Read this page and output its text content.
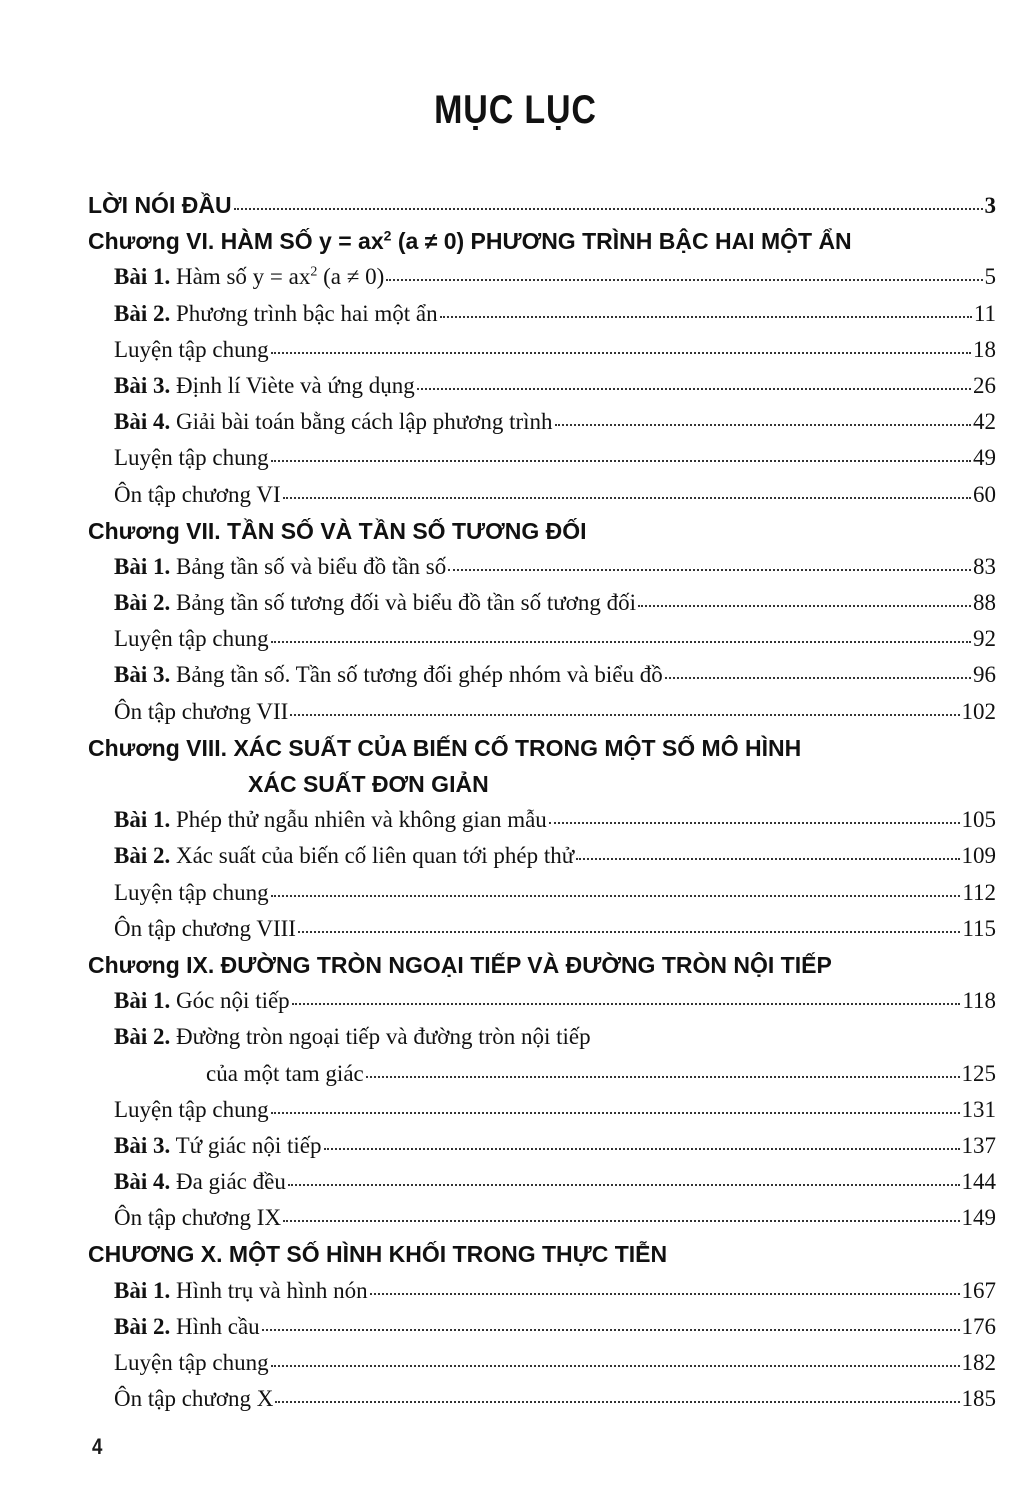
MỤC LỤC
LỜI NÓI ĐẦU	3
Chương VI. HÀM SỐ $y = ax^2$ (a ≠ 0) PHƯƠNG TRÌNH BẬC HAI MỘT ẨN
Bài 1. Hàm số $y = ax^2$ (a ≠ 0)	5
Bài 2. Phương trình bậc hai một ẩn	11
Luyện tập chung	18
Bài 3. Định lí Viète và ứng dụng	26
Bài 4. Giải bài toán bằng cách lập phương trình	42
Luyện tập chung	49
Ôn tập chương VI	60
Chương VII. TẦN SỐ VÀ TẦN SỐ TƯƠNG ĐỐI
Bài 1. Bảng tần số và biểu đồ tần số	83
Bài 2. Bảng tần số tương đối và biểu đồ tần số tương đối	88
Luyện tập chung	92
Bài 3. Bảng tần số. Tần số tương đối ghép nhóm và biểu đồ	96
Ôn tập chương VII	102
Chương VIII. XÁC SUẤT CỦA BIẾN CỐ TRONG MỘT SỐ MÔ HÌNH
XÁC SUẤT ĐƠN GIẢN
Bài 1. Phép thử ngẫu nhiên và không gian mẫu	105
Bài 2. Xác suất của biến cố liên quan tới phép thử	109
Luyện tập chung	112
Ôn tập chương VIII	115
Chương IX. ĐƯỜNG TRÒN NGOẠI TIẾP VÀ ĐƯỜNG TRÒN NỘI TIẾP
Bài 1. Góc nội tiếp	118
Bài 2. Đường tròn ngoại tiếp và đường tròn nội tiếp
của một tam giác	125
Luyện tập chung	131
Bài 3. Tứ giác nội tiếp	137
Bài 4. Đa giác đều	144
Ôn tập chương IX	149
CHƯƠNG X. MỘT SỐ HÌNH KHỐI TRONG THỰC TIỄN
Bài 1. Hình trụ và hình nón	167
Bài 2. Hình cầu	176
Luyện tập chung	182
Ôn tập chương X	185
4
